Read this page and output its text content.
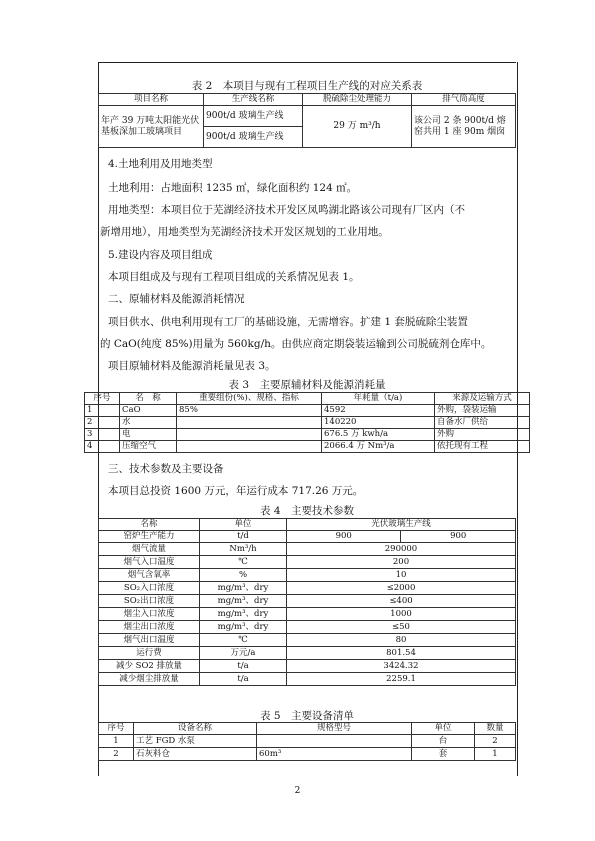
表 2　本项目与现有工程项目生产线的对应关系表
项目名称	生产线名称	脱硫除尘处理能力	排气筒高度
年产 39 万吨太阳能光伏基板深加工玻璃项目	900t/d 玻璃生产线	29 万 m³/h	该公司 2 条 900t/d 熔窑共用 1 座 90m 烟囱
	900t/d 玻璃生产线		
4.土地利用及用地类型
土地利用：占地面积 1235 ㎡，绿化面积约 124 ㎡。
用地类型：本项目位于芜湖经济技术开发区凤鸣湖北路该公司现有厂区内（不
新增用地），用地类型为芜湖经济技术开发区规划的工业用地。
5.建设内容及项目组成
本项目组成及与现有工程项目组成的关系情况见表 1。
二、原辅材料及能源消耗情况
项目供水、供电利用现有工厂的基础设施，无需增容。扩建 1 套脱硫除尘装置
的 CaO(纯度 85%)用量为 560kg/h。由供应商定期袋装运输到公司脱硫剂仓库中。
项目原辅材料及能源消耗量见表 3。
表 3　主要原辅材料及能源消耗量
序号	名　称	重要组份(%)、规格、指标	年耗量（t/a)	来源及运输方式
1	CaO	85%	4592	外购，袋装运输
2	水		140220	自备水厂供给
3	电		676.5 万 kwh/a	外购
4	压缩空气		2066.4 万 Nm³/a	依托现有工程
三、技术参数及主要设备
本项目总投资 1600 万元，年运行成本 717.26 万元。
表 4　主要技术参数
名称	单位	光伏玻璃生产线	
窑炉生产能力	t/d	900	900
烟气流量	Nm³/h	290000	
烟气入口温度	℃	200	
烟气含氧率	%	10	
SO₂入口浓度	mg/m³、dry	≤2000	
SO₂出口浓度	mg/m³、dry	≤400	
烟尘入口浓度	mg/m³、dry	1000	
烟尘出口浓度	mg/m³、dry	≤50	
烟气出口温度	℃	80	
运行费	万元/a	801.54	
减少 SO2 排放量	t/a	3424.32	
减少烟尘排放量	t/a	2259.1	
表 5　主要设备清单
序号	设备名称	规格型号	单位	数量
1	工艺 FGD 水泵		台	2
2	石灰料仓	60m³	套	1
2
